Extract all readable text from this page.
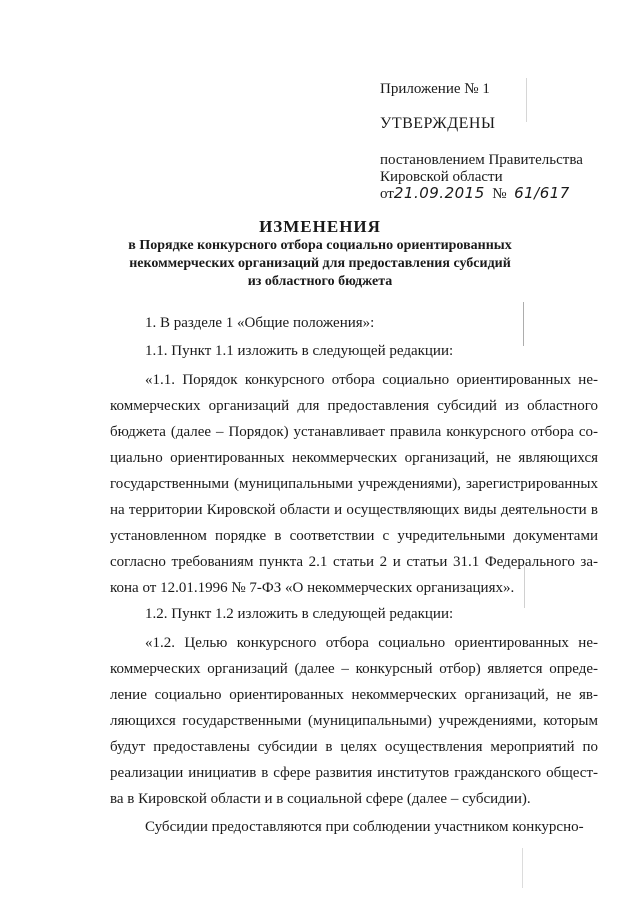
Приложение № 1
УТВЕРЖДЕНЫ
постановлением Правительства
Кировской области
от21.09.2015 № 61/617
ИЗМЕНЕНИЯ
в Порядке конкурсного отбора социально ориентированных
некоммерческих организаций для предоставления субсидий
из областного бюджета
1. В разделе 1 «Общие положения»:
1.1. Пункт 1.1 изложить в следующей редакции:
«1.1. Порядок конкурсного отбора социально ориентированных не-
коммерческих организаций для предоставления субсидий из областного
бюджета (далее – Порядок) устанавливает правила конкурсного отбора со-
циально ориентированных некоммерческих организаций, не являющихся
государственными (муниципальными учреждениями), зарегистрированных
на территории Кировской области и осуществляющих виды деятельности в
установленном порядке в соответствии с учредительными документами
согласно требованиям пункта 2.1 статьи 2 и статьи 31.1 Федерального за-
кона от 12.01.1996 № 7-ФЗ «О некоммерческих организациях».
1.2. Пункт 1.2 изложить в следующей редакции:
«1.2. Целью конкурсного отбора социально ориентированных не-
коммерческих организаций (далее – конкурсный отбор) является опреде-
ление социально ориентированных некоммерческих организаций, не яв-
ляющихся государственными (муниципальными) учреждениями, которым
будут предоставлены субсидии в целях осуществления мероприятий по
реализации инициатив в сфере развития институтов гражданского общест-
ва в Кировской области и в социальной сфере (далее – субсидии).
Субсидии предоставляются при соблюдении участником конкурсно-
